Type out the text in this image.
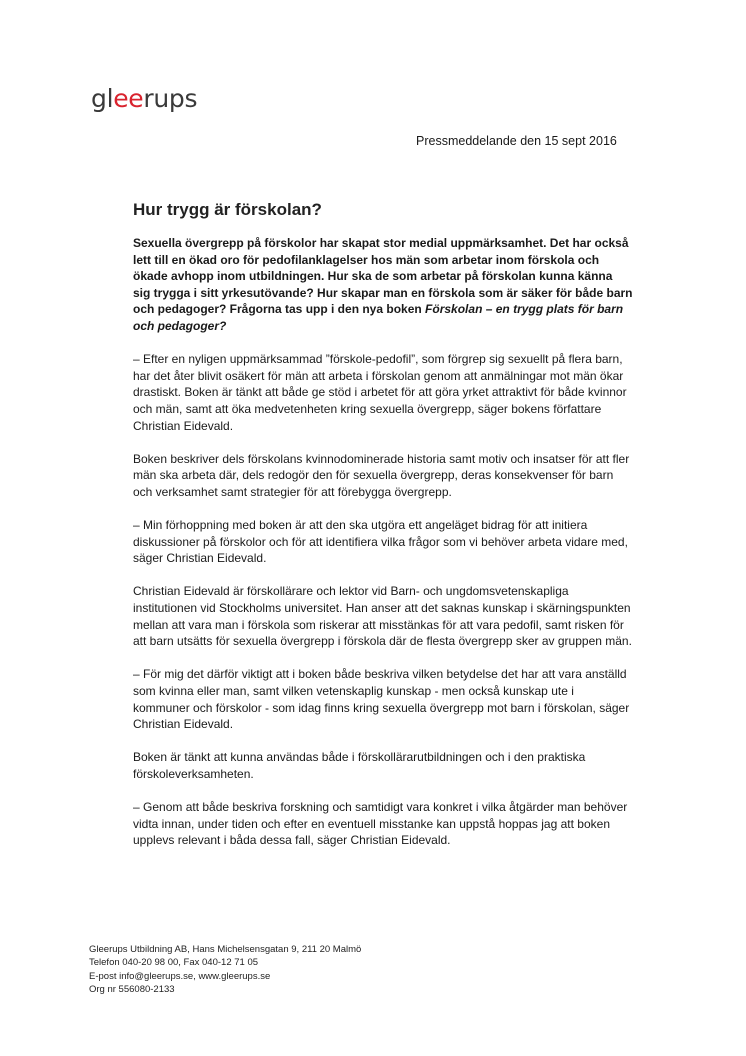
gleerups
Pressmeddelande den 15 sept 2016
Hur trygg är förskolan?

Sexuella övergrepp på förskolor har skapat stor medial uppmärksamhet. Det har också lett till en ökad oro för pedofilanklagelser hos män som arbetar inom förskola och ökade avhopp inom utbildningen. Hur ska de som arbetar på förskolan kunna känna sig trygga i sitt yrkesutövande? Hur skapar man en förskola som är säker för både barn och pedagoger? Frågorna tas upp i den nya boken Förskolan – en trygg plats för barn och pedagoger?

– Efter en nyligen uppmärksammad ”förskole-pedofil”, som förgrep sig sexuellt på flera barn, har det åter blivit osäkert för män att arbeta i förskolan genom att anmälningar mot män ökar drastiskt. Boken är tänkt att både ge stöd i arbetet för att göra yrket attraktivt för både kvinnor och män, samt att öka medvetenheten kring sexuella övergrepp, säger bokens författare Christian Eidevald.

Boken beskriver dels förskolans kvinnodominerade historia samt motiv och insatser för att fler män ska arbeta där, dels redogör den för sexuella övergrepp, deras konsekvenser för barn och verksamhet samt strategier för att förebygga övergrepp.

– Min förhoppning med boken är att den ska utgöra ett angeläget bidrag för att initiera diskussioner på förskolor och för att identifiera vilka frågor som vi behöver arbeta vidare med, säger Christian Eidevald.

Christian Eidevald är förskollärare och lektor vid Barn- och ungdomsvetenskapliga institutionen vid Stockholms universitet. Han anser att det saknas kunskap i skärningspunkten mellan att vara man i förskola som riskerar att misstänkas för att vara pedofil, samt risken för att barn utsätts för sexuella övergrepp i förskola där de flesta övergrepp sker av gruppen män.

– För mig det därför viktigt att i boken både beskriva vilken betydelse det har att vara anställd som kvinna eller man, samt vilken vetenskaplig kunskap - men också kunskap ute i kommuner och förskolor - som idag finns kring sexuella övergrepp mot barn i förskolan, säger Christian Eidevald.

Boken är tänkt att kunna användas både i förskollärarutbildningen och i den praktiska förskoleverksamheten.

– Genom att både beskriva forskning och samtidigt vara konkret i vilka åtgärder man behöver vidta innan, under tiden och efter en eventuell misstanke kan uppstå hoppas jag att boken upplevs relevant i båda dessa fall, säger Christian Eidevald.

Gleerups Utbildning AB, Hans Michelsensgatan 9, 211 20 Malmö
Telefon 040-20 98 00, Fax 040-12 71 05
E-post info@gleerups.se, www.gleerups.se
Org nr 556080-2133
